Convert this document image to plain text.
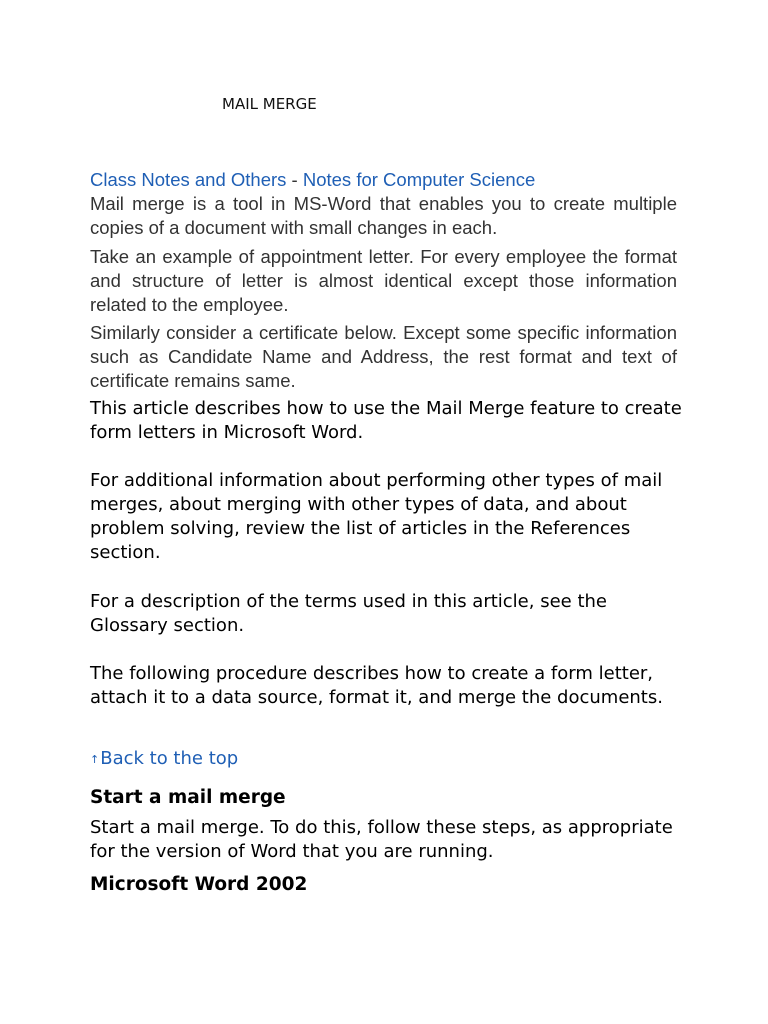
MAIL MERGE

Class Notes and Others - Notes for Computer Science

Mail merge is a tool in MS-Word that enables you to create multiple copies of a document with small changes in each.

Take an example of appointment letter. For every employee the format and structure of letter is almost identical except those information related to the employee.

Similarly consider a certificate below. Except some specific information such as Candidate Name and Address, the rest format and text of certificate remains same.

This article describes how to use the Mail Merge feature to create form letters in Microsoft Word.

For additional information about performing other types of mail merges, about merging with other types of data, and about problem solving, review the list of articles in the References section.

For a description of the terms used in this article, see the Glossary section.

The following procedure describes how to create a form letter, attach it to a data source, format it, and merge the documents.

↑Back to the top
Start a mail merge

Start a mail merge. To do this, follow these steps, as appropriate for the version of Word that you are running.

Microsoft Word 2002
